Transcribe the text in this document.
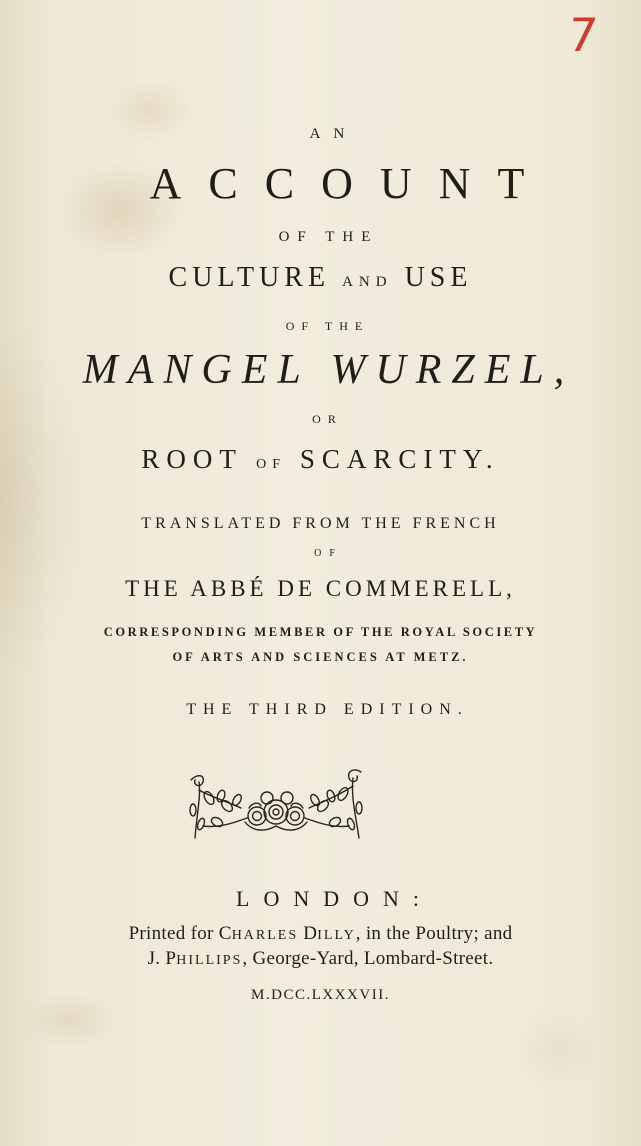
7
AN
ACCOUNT
OF THE
CULTURE AND USE
OF THE
MANGEL WURZEL,
OR
ROOT OF SCARCITY.
TRANSLATED FROM THE FRENCH
OF
THE ABBÉ DE COMMERELL,
CORRESPONDING MEMBER OF THE ROYAL SOCIETY
OF ARTS AND SCIENCES AT METZ.
THE THIRD EDITION.
LONDON:
Printed for CHARLES DILLY, in the Poultry; and
J. PHILLIPS, George-Yard, Lombard-Street.
M.DCC.LXXXVII.
